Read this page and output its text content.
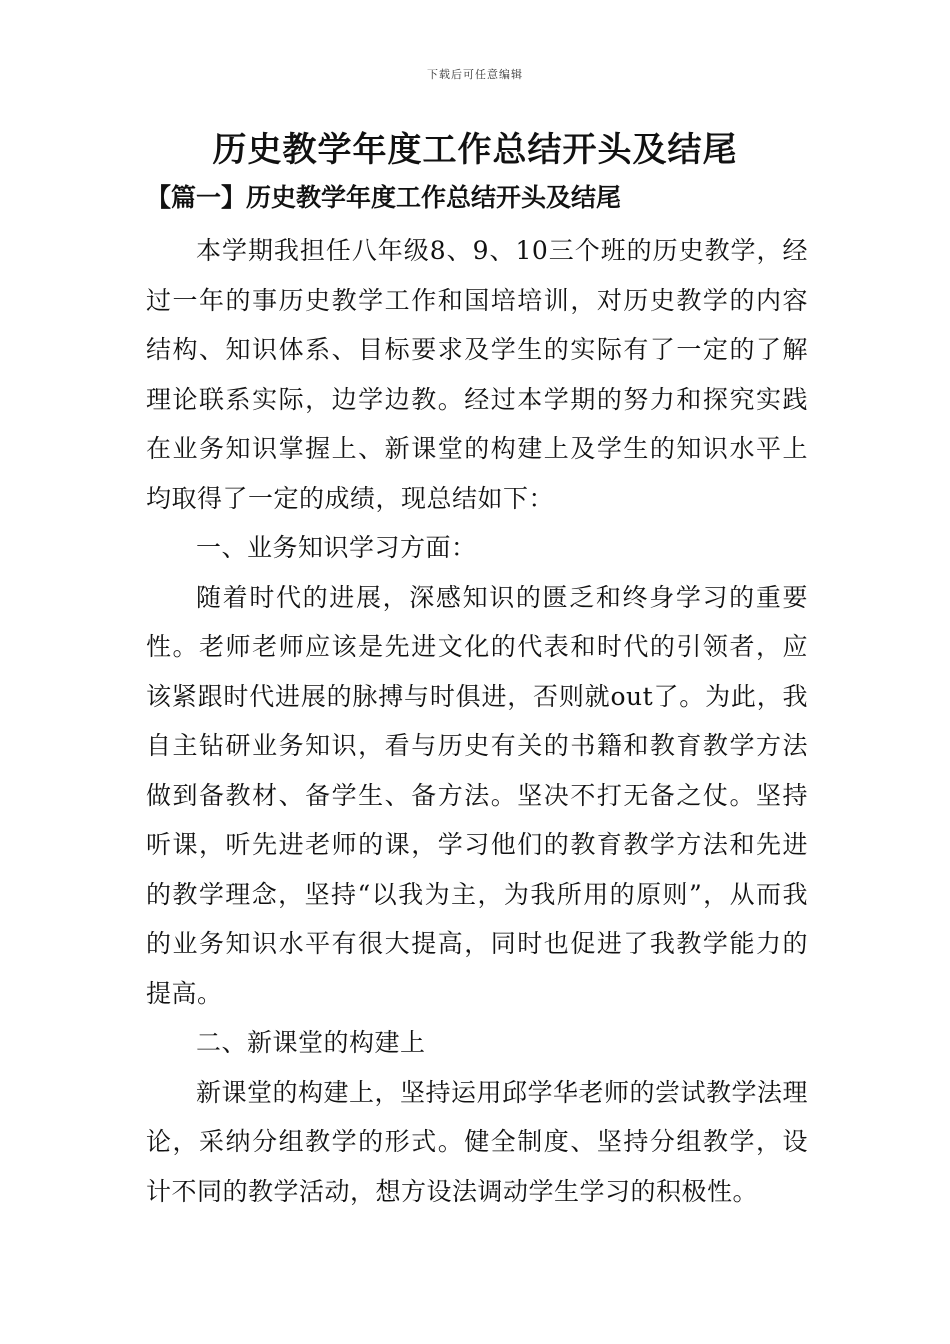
下载后可任意编辑
历史教学年度工作总结开头及结尾
【篇一】历史教学年度工作总结开头及结尾

本学期我担任八年级8、9、10三个班的历史教学，经过一年的事历史教学工作和国培培训，对历史教学的内容结构、知识体系、目标要求及学生的实际有了一定的了解理论联系实际，边学边教。经过本学期的努力和探究实践在业务知识掌握上、新课堂的构建上及学生的知识水平上均取得了一定的成绩，现总结如下：

一、业务知识学习方面：

随着时代的进展，深感知识的匮乏和终身学习的重要性。老师老师应该是先进文化的代表和时代的引领者，应该紧跟时代进展的脉搏与时俱进，否则就out了。为此，我自主钻研业务知识，看与历史有关的书籍和教育教学方法做到备教材、备学生、备方法。坚决不打无备之仗。坚持听课，听先进老师的课，学习他们的教育教学方法和先进的教学理念，坚持“以我为主，为我所用的原则”，从而我的业务知识水平有很大提高，同时也促进了我教学能力的提高。

二、新课堂的构建上

新课堂的构建上，坚持运用邱学华老师的尝试教学法理论，采纳分组教学的形式。健全制度、坚持分组教学，设计不同的教学活动，想方设法调动学生学习的积极性。
